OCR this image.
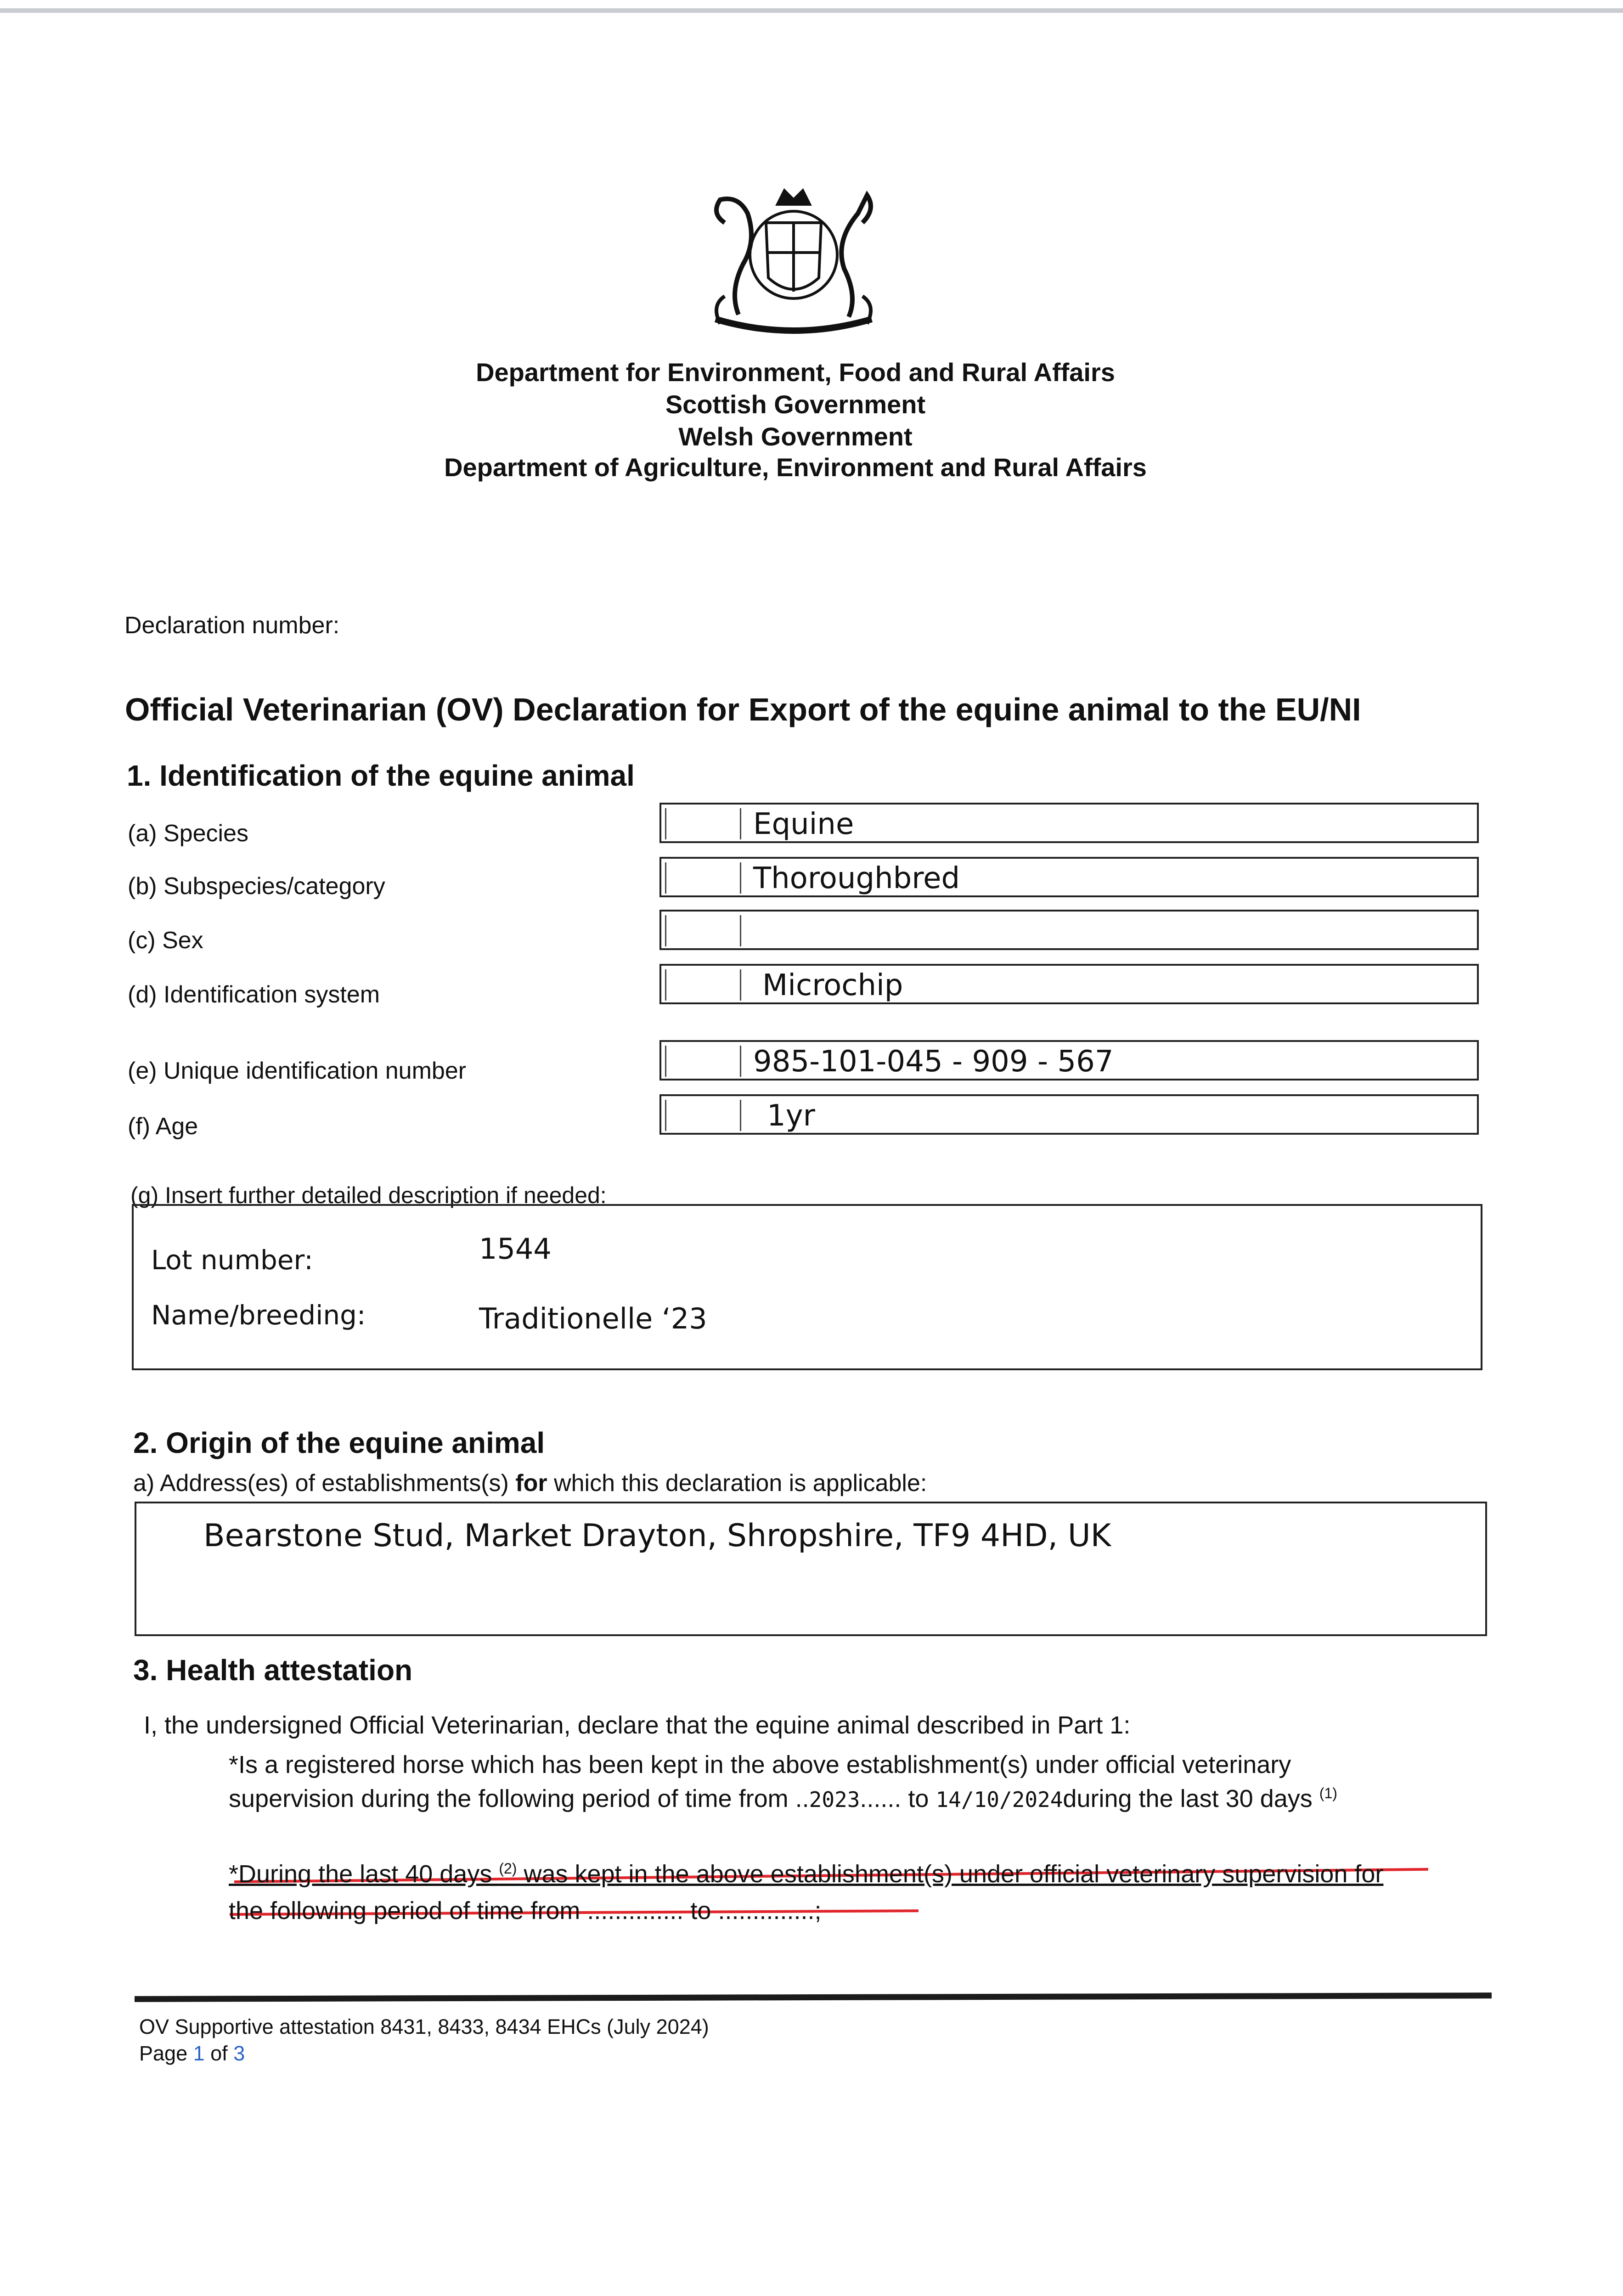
Department for Environment, Food and Rural Affairs
Scottish Government
Welsh Government
Department of Agriculture, Environment and Rural Affairs
Declaration number:
Official Veterinarian (OV) Declaration for Export of the equine animal to the EU/NI
1. Identification of the equine animal
(a) Species	Equine
(b) Subspecies/category	Thoroughbred
(c) Sex
(d) Identification system	Microchip
(e) Unique identification number	985-101-045 - 909 - 567
(f) Age	1yr
(g) Insert further detailed description if needed:
Lot number:	1544
Name/breeding:	Traditionelle ‘23
2. Origin of the equine animal
a) Address(es) of establishments(s) for which this declaration is applicable:
Bearstone Stud, Market Drayton, Shropshire, TF9 4HD, UK
3. Health attestation
I, the undersigned Official Veterinarian, declare that the equine animal described in Part 1:
*Is a registered horse which has been kept in the above establishment(s) under official veterinary
supervision during the following period of time from ..2023...... to 14/10/2024during the last 30 days $^{(1)}$
*During the last 40 days $^{(2)}$ was kept in the above establishment(s) under official veterinary supervision for
the following period of time from .............. to ..............;
OV Supportive attestation 8431, 8433, 8434 EHCs (July 2024)
Page 1 of 3
